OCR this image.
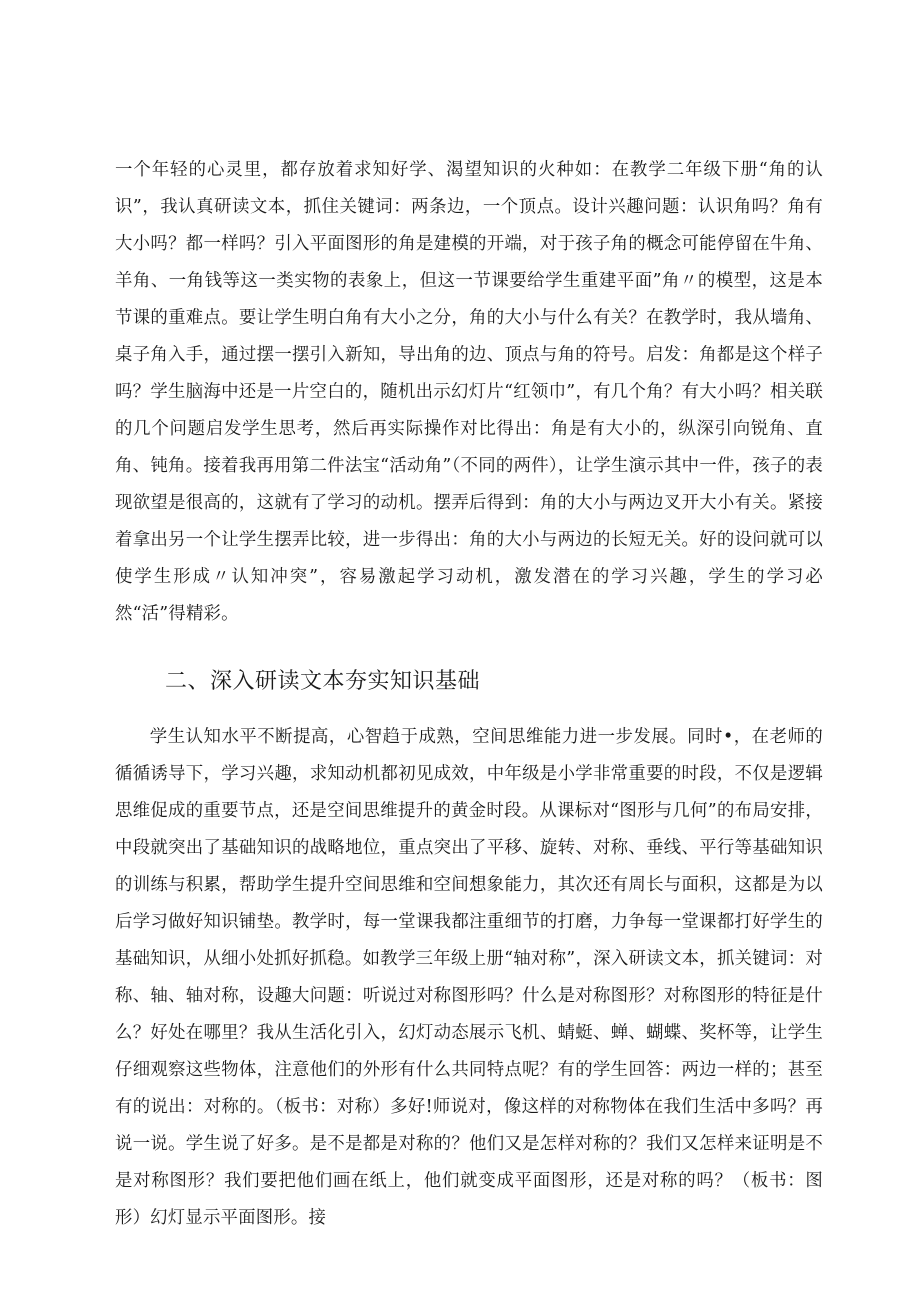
一个年轻的心灵里，都存放着求知好学、渴望知识的火种如：在教学二年级下册“角的认识”，我认真研读文本，抓住关键词：两条边，一个顶点。设计兴趣问题：认识角吗？角有大小吗？都一样吗？引入平面图形的角是建模的开端，对于孩子角的概念可能停留在牛角、羊角、一角钱等这一类实物的表象上，但这一节课要给学生重建平面”角〃的模型，这是本节课的重难点。要让学生明白角有大小之分，角的大小与什么有关？在教学时，我从墙角、桌子角入手，通过摆一摆引入新知，导出角的边、顶点与角的符号。启发：角都是这个样子吗？学生脑海中还是一片空白的，随机出示幻灯片“红领巾”，有几个角？有大小吗？相关联的几个问题启发学生思考，然后再实际操作对比得出：角是有大小的，纵深引向锐角、直角、钝角。接着我再用第二件法宝“活动角”（不同的两件），让学生演示其中一件，孩子的表现欲望是很高的，这就有了学习的动机。摆弄后得到：角的大小与两边叉开大小有关。紧接着拿出另一个让学生摆弄比较，进一步得出：角的大小与两边的长短无关。好的设问就可以使学生形成〃认知冲突”，容易激起学习动机，激发潜在的学习兴趣，学生的学习必然“活”得精彩。

二、深入研读文本夯实知识基础

学生认知水平不断提高，心智趋于成熟，空间思维能力进一步发展。同时•，在老师的循循诱导下，学习兴趣，求知动机都初见成效，中年级是小学非常重要的时段，不仅是逻辑思维促成的重要节点，还是空间思维提升的黄金时段。从课标对“图形与几何”的布局安排，中段就突出了基础知识的战略地位，重点突出了平移、旋转、对称、垂线、平行等基础知识的训练与积累，帮助学生提升空间思维和空间想象能力，其次还有周长与面积，这都是为以后学习做好知识铺垫。教学时，每一堂课我都注重细节的打磨，力争每一堂课都打好学生的基础知识，从细小处抓好抓稳。如教学三年级上册“轴对称”，深入研读文本，抓关键词：对称、轴、轴对称，设趣大问题：听说过对称图形吗？什么是对称图形？对称图形的特征是什么？好处在哪里？我从生活化引入，幻灯动态展示飞机、蜻蜓、蝉、蝴蝶、奖杯等，让学生仔细观察这些物体，注意他们的外形有什么共同特点呢？有的学生回答：两边一样的；甚至有的说出：对称的。（板书：对称）多好!师说对，像这样的对称物体在我们生活中多吗？再说一说。学生说了好多。是不是都是对称的？他们又是怎样对称的？我们又怎样来证明是不是对称图形？我们要把他们画在纸上，他们就变成平面图形，还是对称的吗？（板书：图形）幻灯显示平面图形。接
